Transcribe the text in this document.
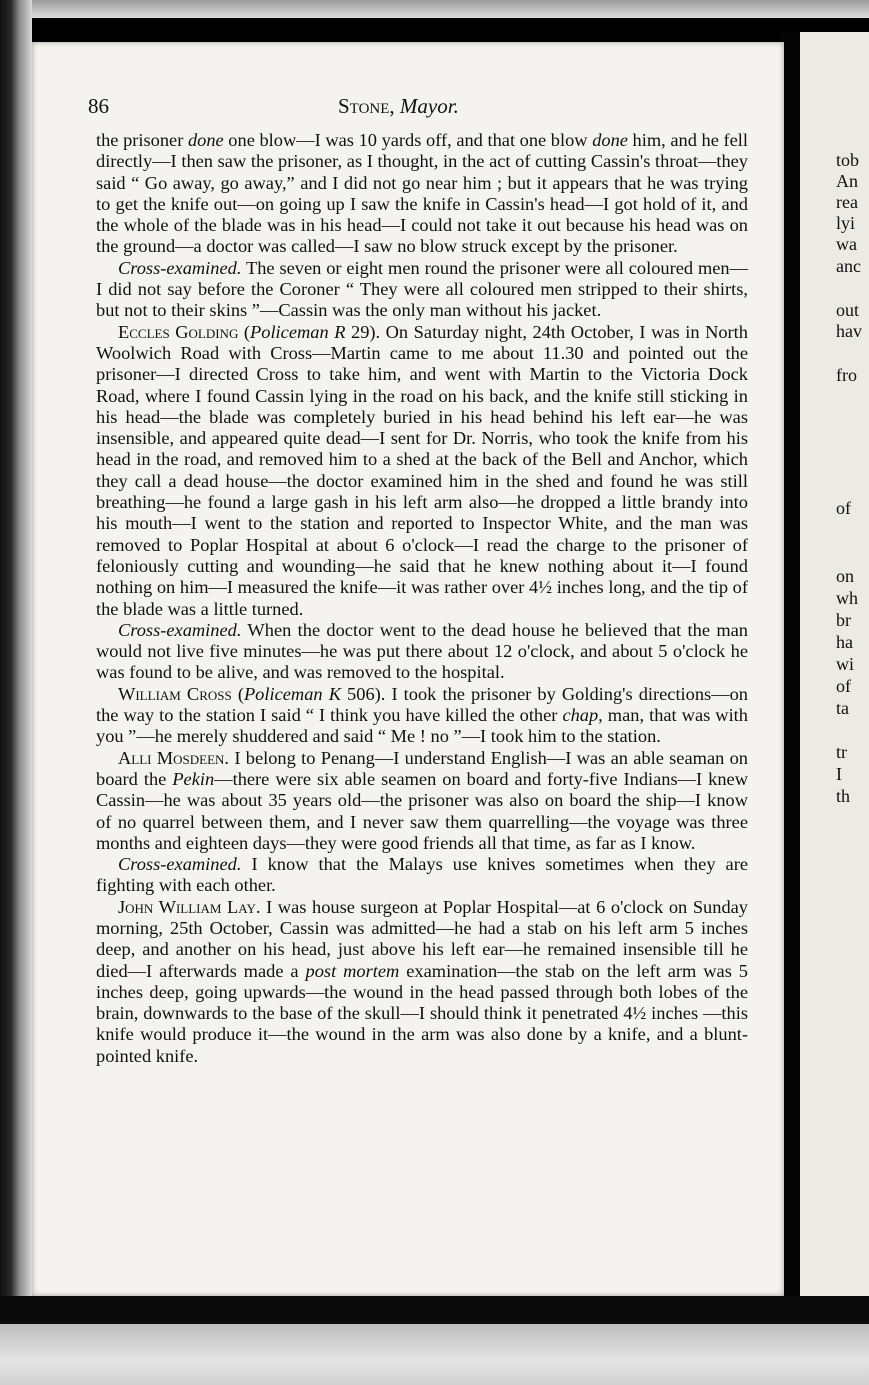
tob
An
rea
lyi
wa
anc
out
hav
fro
of
on
wh
br
ha
wi
of
ta
tr
I
th
86	Stone, Mayor.

the prisoner done one blow—I was 10 yards off, and that one blow done him, and he fell directly—I then saw the prisoner, as I thought, in the act of cutting Cassin's throat—they said “ Go away, go away,” and I did not go near him ; but it appears that he was trying to get the knife out—on going up I saw the knife in Cassin's head—I got hold of it, and the whole of the blade was in his head—I could not take it out because his head was on the ground—a doctor was called—I saw no blow struck except by the prisoner.

Cross-examined. The seven or eight men round the prisoner were all coloured men—I did not say before the Coroner “ They were all coloured men stripped to their shirts, but not to their skins ”—Cassin was the only man without his jacket.

Eccles Golding (Policeman R 29). On Saturday night, 24th October, I was in North Woolwich Road with Cross—Martin came to me about 11.30 and pointed out the prisoner—I directed Cross to take him, and went with Martin to the Victoria Dock Road, where I found Cassin lying in the road on his back, and the knife still sticking in his head—the blade was completely buried in his head behind his left ear—he was insensible, and appeared quite dead—I sent for Dr. Norris, who took the knife from his head in the road, and removed him to a shed at the back of the Bell and Anchor, which they call a dead house—the doctor examined him in the shed and found he was still breathing—he found a large gash in his left arm also—he dropped a little brandy into his mouth—I went to the station and reported to Inspector White, and the man was removed to Poplar Hospital at about 6 o'clock—I read the charge to the prisoner of feloniously cutting and wounding—he said that he knew nothing about it—I found nothing on him—I measured the knife—it was rather over 4½ inches long, and the tip of the blade was a little turned.

Cross-examined. When the doctor went to the dead house he believed that the man would not live five minutes—he was put there about 12 o'clock, and about 5 o'clock he was found to be alive, and was removed to the hospital.

William Cross (Policeman K 506). I took the prisoner by Golding's directions—on the way to the station I said “ I think you have killed the other chap, man, that was with you ”—he merely shuddered and said “ Me ! no ”—I took him to the station.

Alli Mosdeen. I belong to Penang—I understand English—I was an able seaman on board the Pekin—there were six able seamen on board and forty-five Indians—I knew Cassin—he was about 35 years old—the prisoner was also on board the ship—I know of no quarrel between them, and I never saw them quarrelling—the voyage was three months and eighteen days—they were good friends all that time, as far as I know.

Cross-examined. I know that the Malays use knives sometimes when they are fighting with each other.

John William Lay. I was house surgeon at Poplar Hospital—at 6 o'clock on Sunday morning, 25th October, Cassin was admitted—he had a stab on his left arm 5 inches deep, and another on his head, just above his left ear—he remained insensible till he died—I afterwards made a post mortem examination—the stab on the left arm was 5 inches deep, going upwards—the wound in the head passed through both lobes of the brain, downwards to the base of the skull—I should think it penetrated 4½ inches —this knife would produce it—the wound in the arm was also done by a knife, and a blunt-pointed knife.
